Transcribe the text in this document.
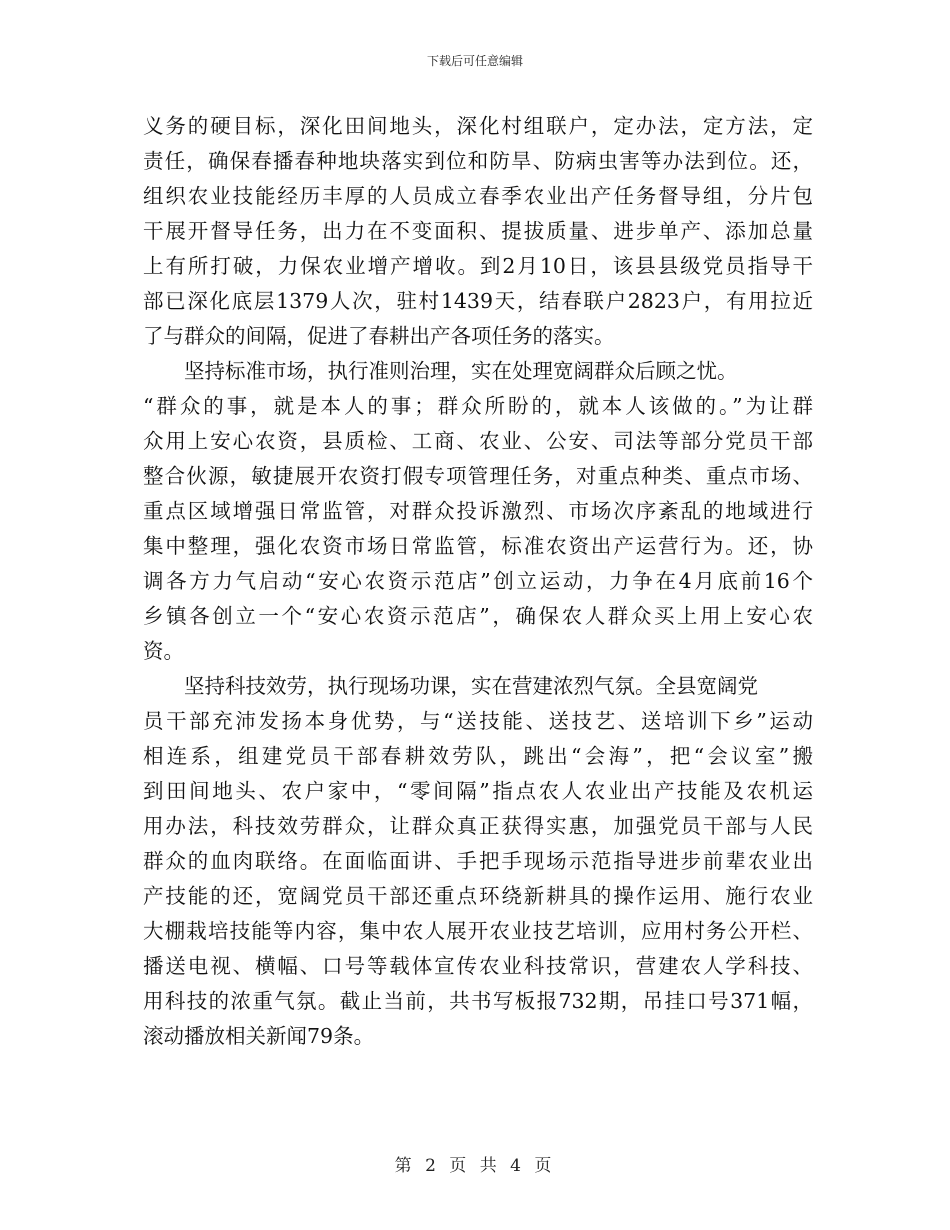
下载后可任意编辑
义务的硬目标，深化田间地头，深化村组联户，定办法，定方法，定
责任，确保春播春种地块落实到位和防旱、防病虫害等办法到位。还，
组织农业技能经历丰厚的人员成立春季农业出产任务督导组，分片包
干展开督导任务，出力在不变面积、提拔质量、进步单产、添加总量
上有所打破，力保农业增产增收。到2月10日，该县县级党员指导干
部已深化底层1379人次，驻村1439天，结春联户2823户，有用拉近
了与群众的间隔，促进了春耕出产各项任务的落实。
　　坚持标准市场，执行准则治理，实在处理宽阔群众后顾之忧。
“群众的事，就是本人的事；群众所盼的，就本人该做的。”为让群
众用上安心农资，县质检、工商、农业、公安、司法等部分党员干部
整合伙源，敏捷展开农资打假专项管理任务，对重点种类、重点市场、
重点区域增强日常监管，对群众投诉激烈、市场次序紊乱的地域进行
集中整理，强化农资市场日常监管，标准农资出产运营行为。还，协
调各方力气启动“安心农资示范店”创立运动，力争在4月底前16个
乡镇各创立一个“安心农资示范店”，确保农人群众买上用上安心农
资。
　　坚持科技效劳，执行现场功课，实在营建浓烈气氛。全县宽阔党
员干部充沛发扬本身优势，与“送技能、送技艺、送培训下乡”运动
相连系，组建党员干部春耕效劳队，跳出“会海”，把“会议室”搬
到田间地头、农户家中，“零间隔”指点农人农业出产技能及农机运
用办法，科技效劳群众，让群众真正获得实惠，加强党员干部与人民
群众的血肉联络。在面临面讲、手把手现场示范指导进步前辈农业出
产技能的还，宽阔党员干部还重点环绕新耕具的操作运用、施行农业
大棚栽培技能等内容，集中农人展开农业技艺培训，应用村务公开栏、
播送电视、横幅、口号等载体宣传农业科技常识，营建农人学科技、
用科技的浓重气氛。截止当前，共书写板报732期，吊挂口号371幅，
滚动播放相关新闻79条。
第 2 页 共 4 页
